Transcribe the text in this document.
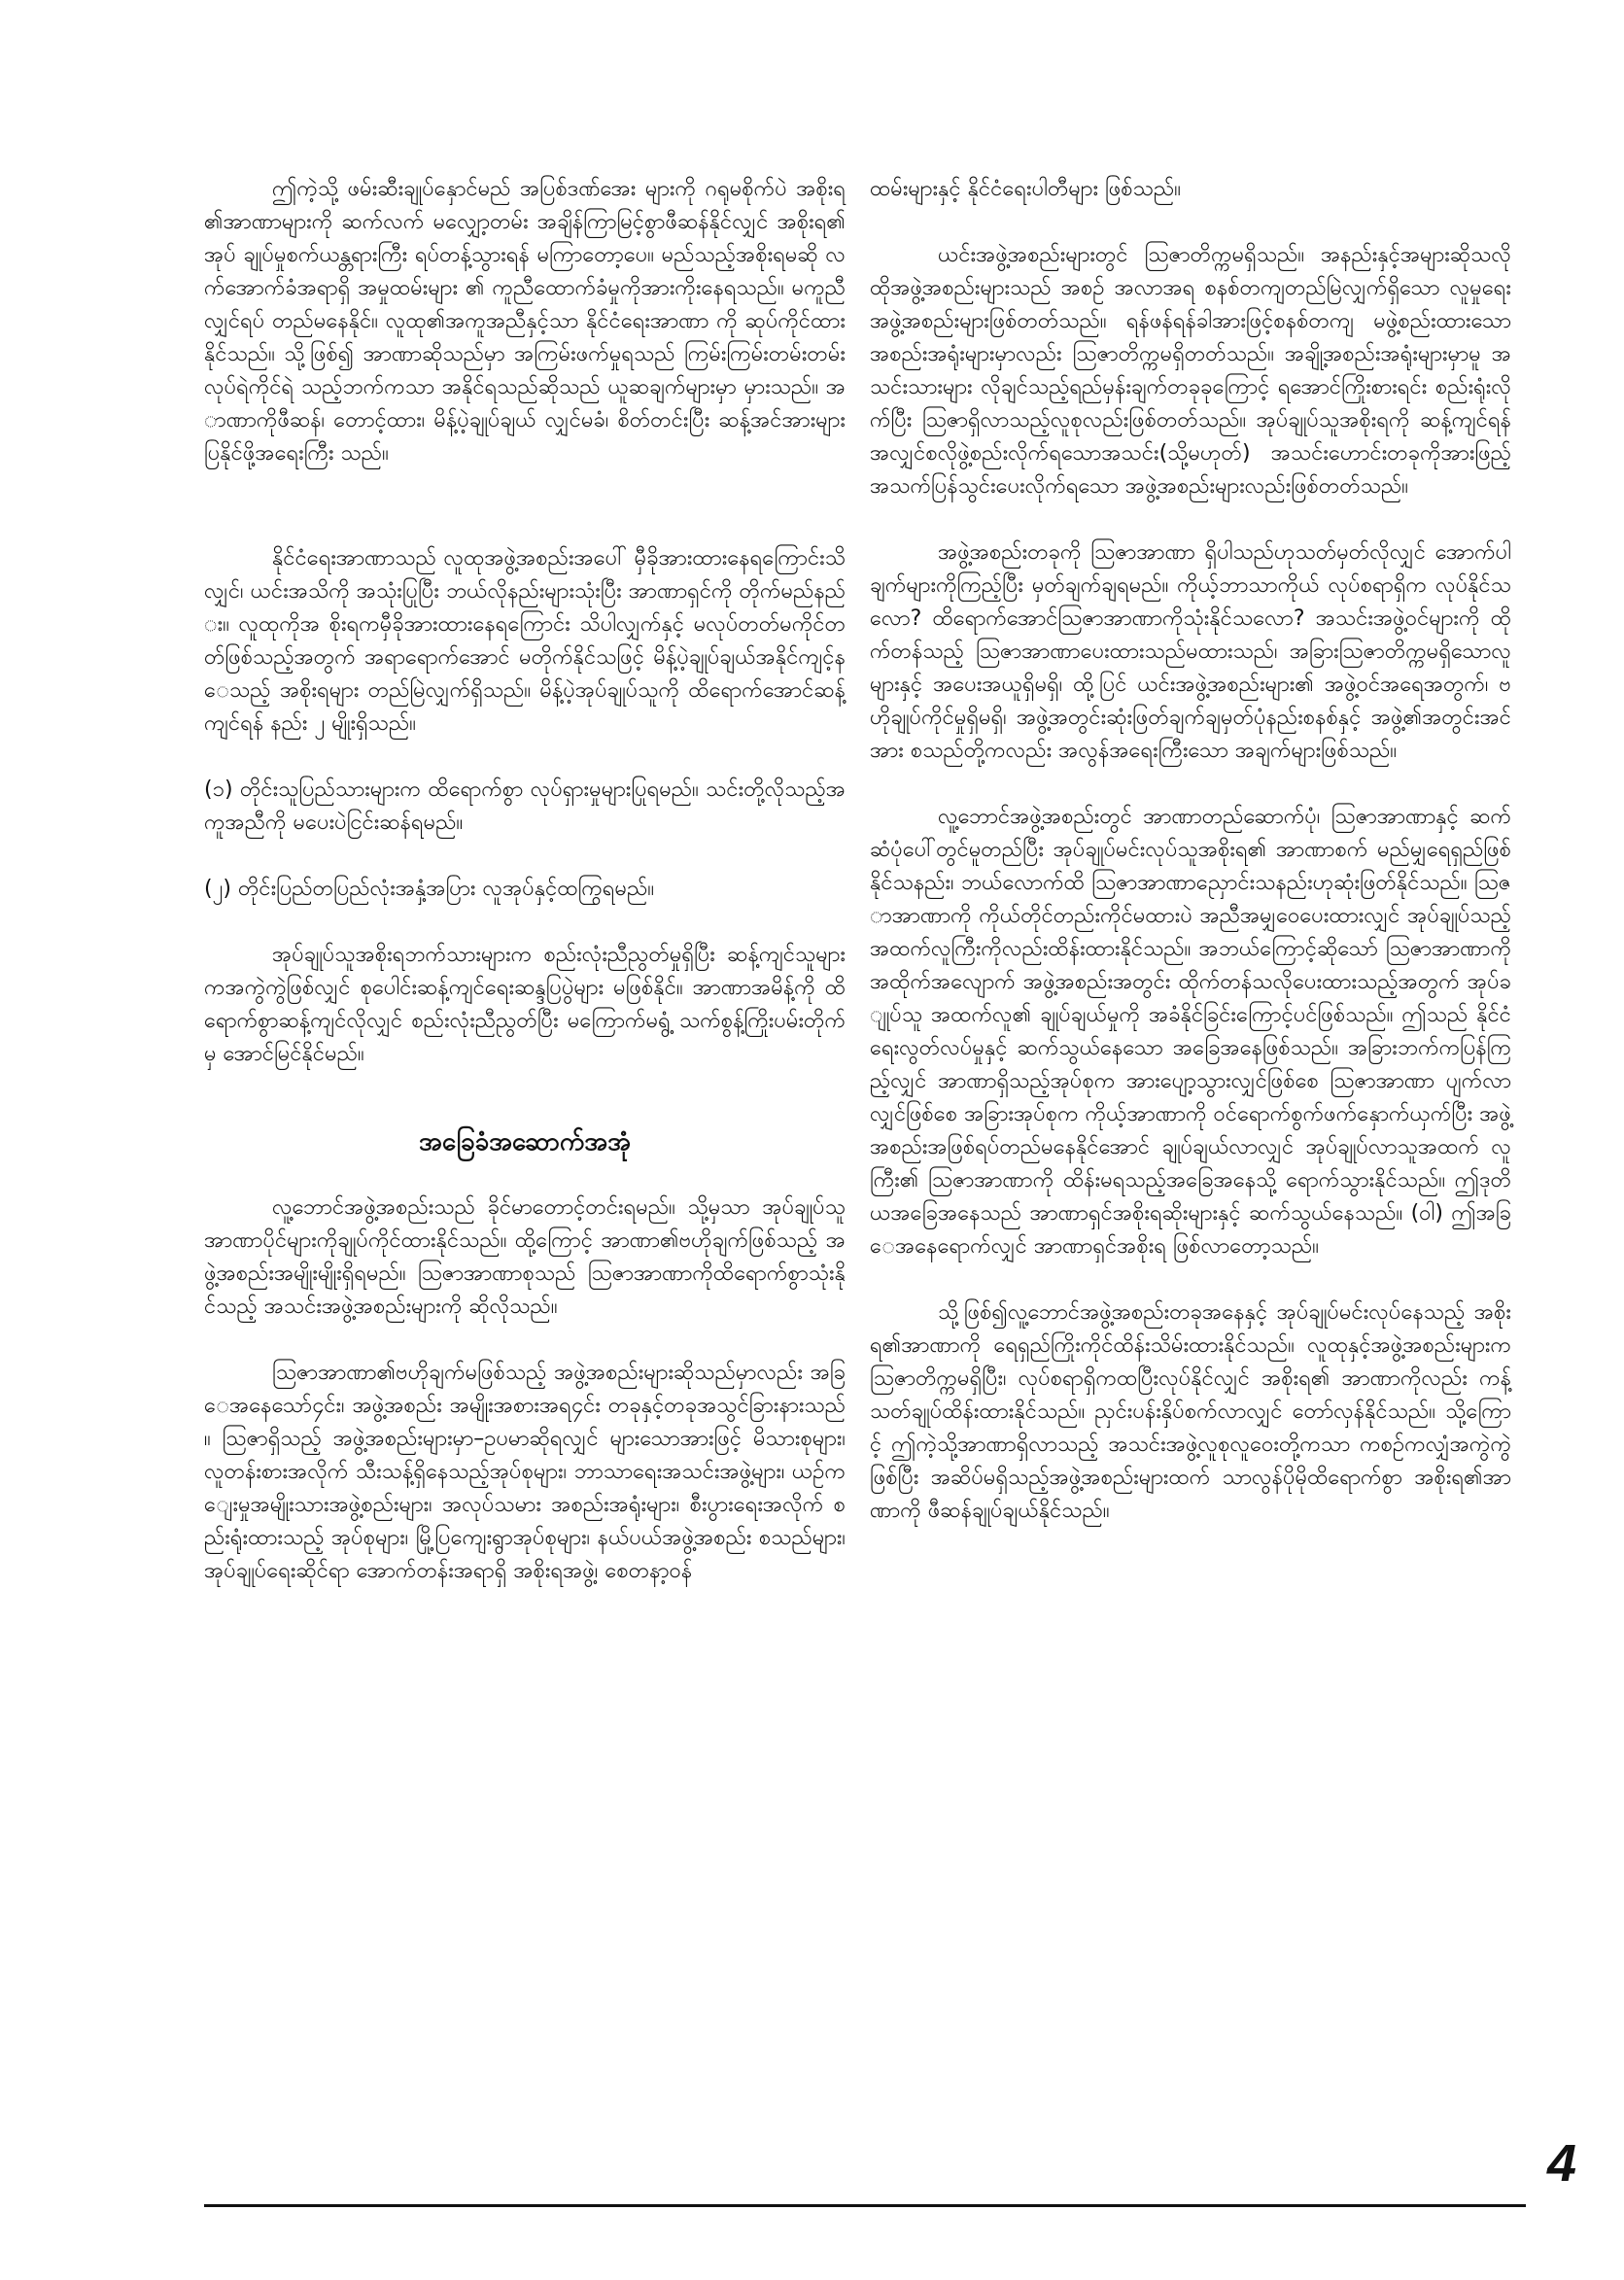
ဤကဲ့သို့ ဖမ်းဆီးချုပ်နှောင်မည် အပြစ်ဒဏ်အေး များကို ဂရုမစိုက်ပဲ အစိုးရ၏အာဏာများကို ဆက်လက် မလျှော့တမ်း အချိန်ကြာမြင့်စွာဖီဆန်နိုင်လျှင် အစိုးရ၏အုပ် ချုပ်မှုစက်ယန္တရားကြီး ရပ်တန့်သွားရန် မကြာတော့ပေ။ မည်သည့်အစိုးရမဆို လက်အောက်ခံအရာရှိ အမှုထမ်းများ ၏ ကူညီထောက်ခံမှုကိုအားကိုးနေရသည်။ မကူညီလျှင်ရပ် တည်မနေနိုင်။ လူထု၏အကူအညီနှင့်သာ နိုင်ငံရေးအာဏာ ကို ဆုပ်ကိုင်ထားနိုင်သည်။ သို့ဖြစ်၍ အာဏာဆိုသည်မှာ အကြမ်းဖက်မှုရသည် ကြမ်းကြမ်းတမ်းတမ်း လုပ်ရဲကိုင်ရဲ သည့်ဘက်ကသာ အနိုင်ရသည်ဆိုသည် ယူဆချက်များမှာ မှားသည်။ အာဏာကိုဖီဆန်၊ တောင့်ထား၊ မိန့်ပဲ့ချုပ်ချယ် လျှင်မခံ၊ စိတ်တင်းပြီး ဆန့်အင်အားများ ပြနိုင်ဖို့အရေးကြီး သည်။

နိုင်ငံရေးအာဏာသည် လူထုအဖွဲ့အစည်းအပေါ် မှီခိုအားထားနေရကြောင်းသိလျှင်၊ ယင်းအသိကို အသုံးပြုပြီး ဘယ်လိုနည်းများသုံးပြီး အာဏာရှင်ကို တိုက်မည်နည်း။ လူထုကိုအ စိုးရကမှီခိုအားထားနေရကြောင်း သိပါလျှက်နှင့် မလုပ်တတ်မကိုင်တတ်ဖြစ်သည့်အတွက် အရာရောက်အောင် မတိုက်နိုင်သဖြင့် မိန့်ပဲ့ချုပ်ချယ်အနိုင်ကျင့်နေသည့် အစိုးရများ တည်မြဲလျှက်ရှိသည်။ မိန့်ပဲ့အုပ်ချုပ်သူကို ထိရောက်အောင်ဆန့်ကျင်ရန် နည်း ၂ မျိုးရှိသည်။

(၁) တိုင်းသူပြည်သားများက ထိရောက်စွာ လုပ်ရှားမှုများပြုရမည်။ သင်းတို့လိုသည့်အကူအညီကို မပေးပဲငြင်းဆန်ရမည်။

(၂) တိုင်းပြည်တပြည်လုံးအနှံ့အပြား လူအုပ်နှင့်ထကြွရမည်။

အုပ်ချုပ်သူအစိုးရဘက်သားများက စည်းလုံးညီညွတ်မှုရှိပြီး ဆန့်ကျင်သူများကအကွဲကွဲဖြစ်လျှင် စုပေါင်းဆန့်ကျင်ရေးဆန္ဒပြပွဲများ မဖြစ်နိုင်။ အာဏာအမိန့်ကို ထိရောက်စွာဆန့်ကျင်လိုလျှင် စည်းလုံးညီညွတ်ပြီး မကြောက်မရွံ့ သက်စွန့်ကြိုးပမ်းတိုက်မှ အောင်မြင်နိုင်မည်။

အခြေခံအဆောက်အအုံ

လူ့ဘောင်အဖွဲ့အစည်းသည် ခိုင်မာတောင့်တင်းရမည်။ သို့မှသာ အုပ်ချုပ်သူအာဏာပိုင်များကိုချုပ်ကိုင်ထားနိုင်သည်။ ထို့ကြောင့် အာဏာ၏ဗဟိုချက်ဖြစ်သည့် အဖွဲ့အစည်းအမျိုးမျိုးရှိရမည်။ ဩဇာအာဏာစုသည် ဩဇာအာဏာကိုထိရောက်စွာသုံးနိုင်သည့် အသင်းအဖွဲ့အစည်းများကို ဆိုလိုသည်။

ဩဇာအာဏာ၏ဗဟိုချက်မဖြစ်သည့် အဖွဲ့အစည်းများဆိုသည်မှာလည်း အခြေအနေသော်၄င်း၊ အဖွဲ့အစည်း အမျိုးအစားအရ၄င်း တခုနှင့်တခုအသွင်ခြားနားသည်။ ဩဇာရှိသည့် အဖွဲ့အစည်းများမှာ–ဥပမာဆိုရလျှင် များသောအားဖြင့် မိသားစုများ၊ လူတန်းစားအလိုက် သီးသန့်ရှိနေသည့်အုပ်စုများ၊ ဘာသာရေးအသင်းအဖွဲ့များ၊ ယဉ်ကျေးမှုအမျိုးသားအဖွဲ့စည်းများ၊ အလုပ်သမား အစည်းအရုံးများ၊ စီးပွားရေးအလိုက် စည်းရုံးထားသည့် အုပ်စုများ၊ မြို့ပြကျေးရွာအုပ်စုများ၊ နယ်ပယ်အဖွဲ့အစည်း စသည်များ၊ အုပ်ချုပ်ရေးဆိုင်ရာ အောက်တန်းအရာရှိ အစိုးရအဖွဲ့၊ စေတနာ့ဝန်

ထမ်းများနှင့် နိုင်ငံရေးပါတီများ ဖြစ်သည်။

ယင်းအဖွဲ့အစည်းများတွင် ဩဇာတိက္ကမရှိသည်။ အနည်းနှင့်အများဆိုသလို ထိုအဖွဲ့အစည်းများသည် အစဉ် အလာအရ စနစ်တကျတည်မြဲလျှက်ရှိသော လူမှုရေးအဖွဲ့အစည်းများဖြစ်တတ်သည်။ ရန်ဖန်ရန်ခါအားဖြင့်စနစ်တကျ မဖွဲ့စည်းထားသော အစည်းအရုံးများမှာလည်း ဩဇာတိက္ကမရှိတတ်သည်။ အချို့အစည်းအရုံးများမှာမူ အသင်းသားများ လိုချင်သည့်ရည်မှန်းချက်တခုခုကြောင့် ရအောင်ကြိုးစားရင်း စည်းရုံးလိုက်ပြီး ဩဇာရှိလာသည့်လူစုလည်းဖြစ်တတ်သည်။ အုပ်ချုပ်သူအစိုးရကို ဆန့်ကျင်ရန် အလျှင်စလိုဖွဲ့စည်းလိုက်ရသောအသင်း(သို့မဟုတ်) အသင်းဟောင်းတခုကိုအားဖြည့် အသက်ပြန်သွင်းပေးလိုက်ရသော အဖွဲ့အစည်းများလည်းဖြစ်တတ်သည်။

အဖွဲ့အစည်းတခုကို ဩဇာအာဏာ ရှိပါသည်ဟုသတ်မှတ်လိုလျှင် အောက်ပါချက်များကိုကြည့်ပြီး မှတ်ချက်ချရမည်။ ကိုယ့်ဘာသာကိုယ် လုပ်စရာရှိက လုပ်နိုင်သလော? ထိရောက်အောင်ဩဇာအာဏာကိုသုံးနိုင်သလော? အသင်းအဖွဲ့ဝင်များကို ထိုက်တန်သည့် ဩဇာအာဏာပေးထားသည်မထားသည်၊ အခြားဩဇာတိက္ကမရှိသောလူများနှင့် အပေးအယူရှိမရှိ၊ ထို့ပြင် ယင်းအဖွဲ့အစည်းများ၏ အဖွဲ့ဝင်အရေအတွက်၊ ဗဟိုချုပ်ကိုင်မှုရှိမရှိ၊ အဖွဲ့အတွင်းဆုံးဖြတ်ချက်ချမှတ်ပုံနည်းစနစ်နှင့် အဖွဲ့၏အတွင်းအင်အား စသည်တို့ကလည်း အလွန်အရေးကြီးသော အချက်များဖြစ်သည်။

လူ့ဘောင်အဖွဲ့အစည်းတွင် အာဏာတည်ဆောက်ပုံ၊ ဩဇာအာဏာနှင့် ဆက်ဆံပုံပေါ်တွင်မူတည်ပြီး အုပ်ချုပ်မင်းလုပ်သူအစိုးရ၏ အာဏာစက် မည်မျှရေရှည်ဖြစ်နိုင်သနည်း၊ ဘယ်လောက်ထိ ဩဇာအာဏာညှောင်းသနည်းဟုဆုံးဖြတ်နိုင်သည်။ ဩဇာအာဏာကို ကိုယ်တိုင်တည်းကိုင်မထားပဲ အညီအမျှဝေပေးထားလျှင် အုပ်ချုပ်သည့် အထက်လူကြီးကိုလည်းထိန်းထားနိုင်သည်။ အဘယ်ကြောင့်ဆိုသော် ဩဇာအာဏာကို အထိုက်အလျောက် အဖွဲ့အစည်းအတွင်း ထိုက်တန်သလိုပေးထားသည့်အတွက် အုပ်ချုပ်သူ အထက်လူ၏ ချုပ်ချယ်မှုကို အခံနိုင်ခြင်းကြောင့်ပင်ဖြစ်သည်။ ဤသည် နိုင်ငံရေးလွတ်လပ်မှုနှင့် ဆက်သွယ်နေသော အခြေအနေဖြစ်သည်။ အခြားဘက်ကပြန်ကြည့်လျှင် အာဏာရှိသည့်အုပ်စုက အားပျော့သွားလျှင်ဖြစ်စေ ဩဇာအာဏာ ပျက်လာလျှင်ဖြစ်စေ အခြားအုပ်စုက ကိုယ့်အာဏာကို ဝင်ရောက်စွက်ဖက်နှောက်ယှက်ပြီး အဖွဲ့အစည်းအဖြစ်ရပ်တည်မနေနိုင်အောင် ချုပ်ချယ်လာလျှင် အုပ်ချုပ်လာသူအထက် လူကြီး၏ ဩဇာအာဏာကို ထိန်းမရသည့်အခြေအနေသို့ ရောက်သွားနိုင်သည်။ ဤဒုတိယအခြေအနေသည် အာဏာရှင်အစိုးရဆိုးများနှင့် ဆက်သွယ်နေသည်။ (ဝါ) ဤအခြေအနေရောက်လျှင် အာဏာရှင်အစိုးရ ဖြစ်လာတော့သည်။

သို့ဖြစ်၍လူ့ဘောင်အဖွဲ့အစည်းတခုအနေနှင့် အုပ်ချုပ်မင်းလုပ်နေသည့် အစိုးရ၏အာဏာကို ရေရှည်ကြိုးကိုင်ထိန်းသိမ်းထားနိုင်သည်။ လူထုနှင့်အဖွဲ့အစည်းများက ဩဇာတိက္ကမရှိပြီး၊ လုပ်စရာရှိကထပြီးလုပ်နိုင်လျှင် အစိုးရ၏ အာဏာကိုလည်း ကန့်သတ်ချုပ်ထိန်းထားနိုင်သည်။ ညှင်းပန်းနှိပ်စက်လာလျှင် တော်လှန်နိုင်သည်။ သို့ကြောင့် ဤကဲ့သို့အာဏာရှိလာသည့် အသင်းအဖွဲ့လူစုလူဝေးတို့ကသာ ကစဉ်ကလျှံအကွဲကွဲဖြစ်ပြီး အဆိပ်မရှိသည့်အဖွဲ့အစည်းများထက် သာလွန်ပိုမိုထိရောက်စွာ အစိုးရ၏အာဏာကို ဖီဆန်ချုပ်ချယ်နိုင်သည်။

4
